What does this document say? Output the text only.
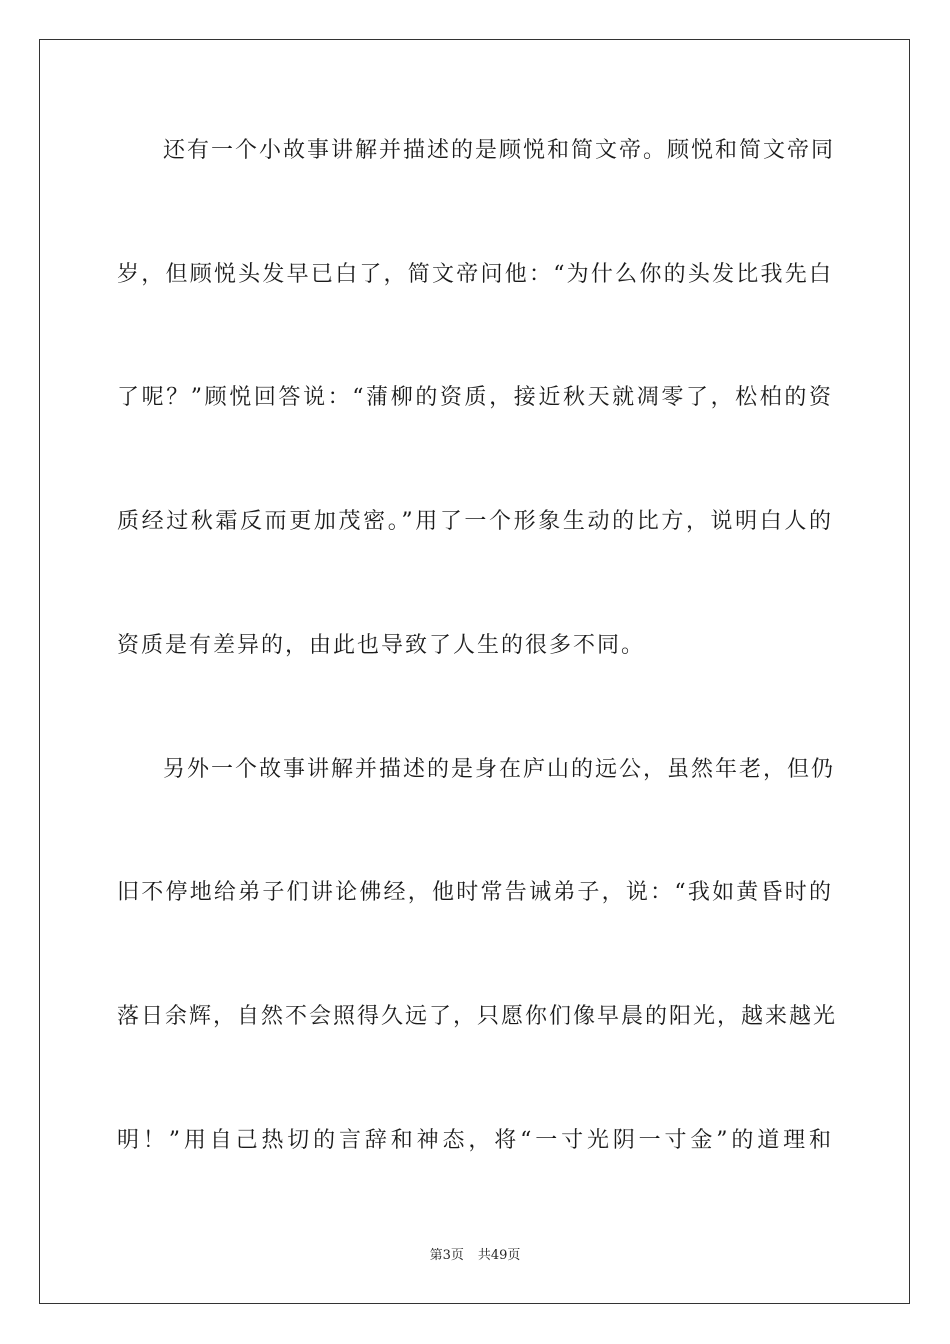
还有一个小故事讲解并描述的是顾悦和简文帝。顾悦和简文帝同
岁，但顾悦头发早已白了，简文帝问他：“为什么你的头发比我先白
了呢？”顾悦回答说：“蒲柳的资质，接近秋天就凋零了，松柏的资
质经过秋霜反而更加茂密。”用了一个形象生动的比方，说明白人的
资质是有差异的，由此也导致了人生的很多不同。
另外一个故事讲解并描述的是身在庐山的远公，虽然年老，但仍
旧不停地给弟子们讲论佛经，他时常告诫弟子，说：“我如黄昏时的
落日余辉，自然不会照得久远了，只愿你们像早晨的阳光，越来越光
明！”用自己热切的言辞和神态，将“一寸光阴一寸金”的道理和
第3页 共49页
